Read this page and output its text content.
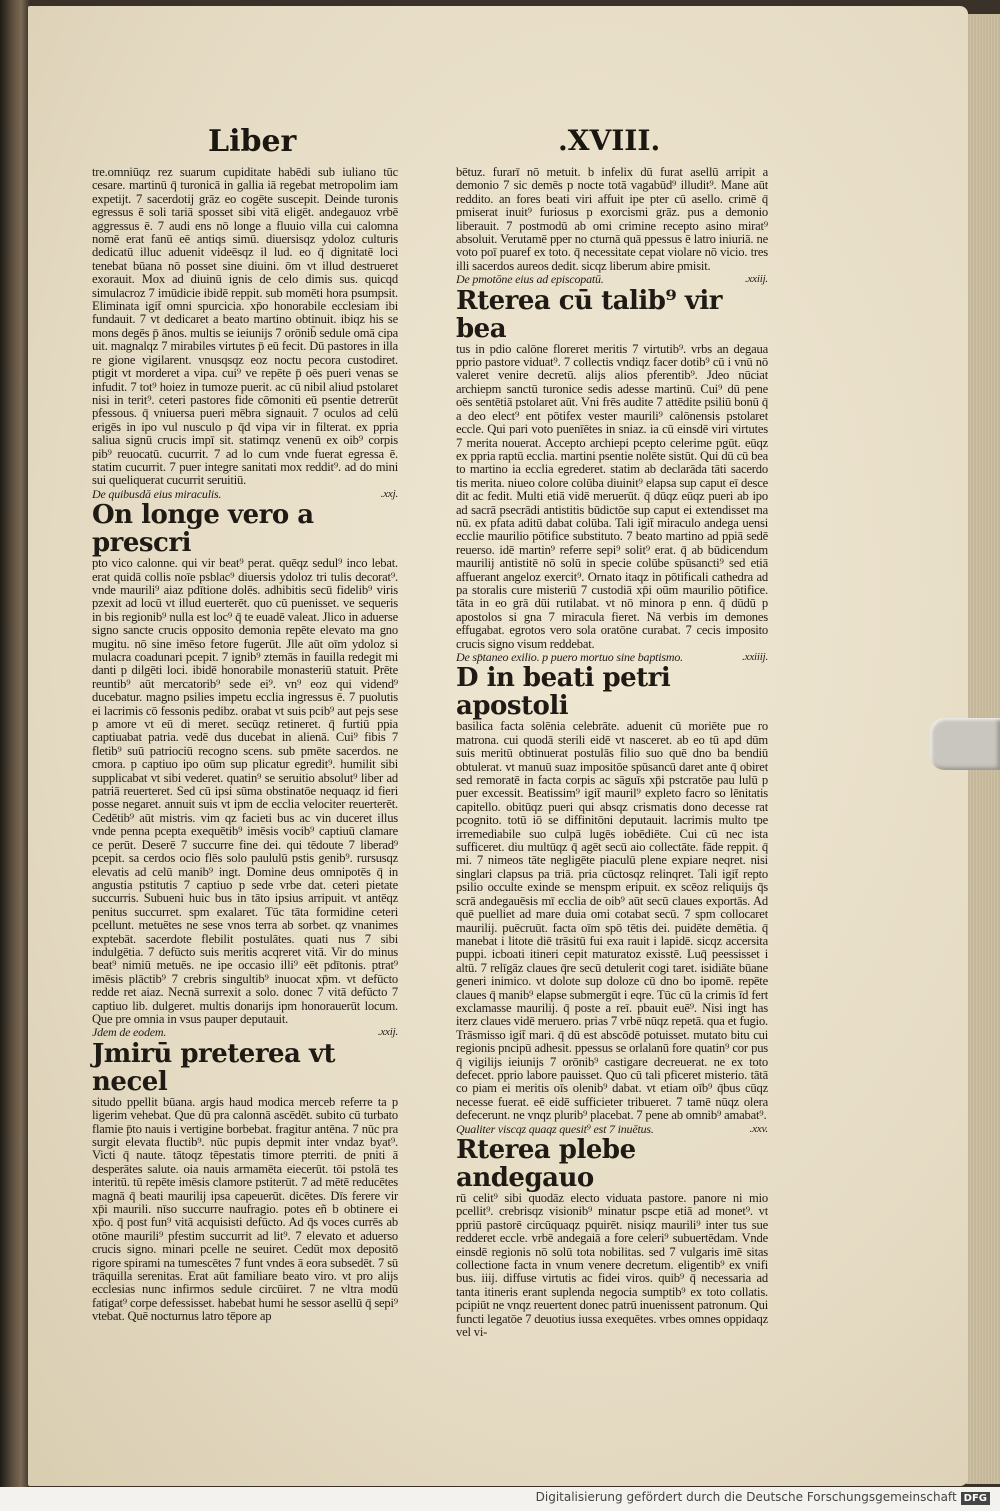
Liber	.XVIII.

tre.omniūqz rez suarum cupiditate habēdi sub iuliano tūc cesare. martinū q̄ turonicā in gallia iā regebat metropolim iam expetijt. 7 sacerdotij grāz eo cogēte suscepit. Deinde turonis egressus ē soli tariā sposset sibi vitā eligēt. andegauoz vrbē aggressus ē. 7 audi ens nō longe a fluuio villa cui calomna nomē erat fanū eē antiqs simū. diuersisqz ydoloz culturis dedicatū illuc aduenit videēsqz il lud. eo q̄ dignitatē loci tenebat būana nō posset sine diuini. ōm vt illud destrueret exorauit. Mox ad diuinū ignis de celo dimis sus. quicqd simulacroz 7 imūdicie ibidē reppit. sub momēti hora psumpsit. Eliminata igit̄ omni spurcicia. xp̄o honorabile ecclesiam ibi fundauit. 7 vt dedicaret a beato martino obtinuit. ibiqz his se mons degēs p̄ ānos. multis se ieiunijs 7 orōnib̄ sedule omā cipa uit. magnalqz 7 mirabiles virtutes p̄ eū fecit. Dū pastores in illa re gione vigilarent. vnusqsqz eoz noctu pecora custodiret. ptigit vt morderet a vipa. cui⁹ ve repēte p̄ oēs pueri venas se infudit. 7 tot⁹ hoiez in tumoze puerit. ac cū nibil aliud pstolaret nisi in terit⁹. ceteri pastores fide cōmoniti eū psentie detrerūt pfessous. q̄ vniuersa pueri mēbra signauit. 7 oculos ad celū erigēs in ipo vul nusculo p q̄d vipa vir in filterat. ex ppria saliua signū crucis impī sit. statimqz venenū ex oib⁹ corpis pib⁹ reuocatū. cucurrit. 7 ad lo cum vnde fuerat egressa ē. statim cucurrit. 7 puer integre sanitati mox reddit⁹. ad do mini sui queliquerat cucurrit seruitiū.

De quibusdā eius miraculis.	.xxj.

On longe vero a prescri

pto vico calonne. qui vir beat⁹ perat. quēqz sedul⁹ inco lebat. erat quidā collis noīe psblac⁹ diuersis ydoloz tri tulis decorat⁹. vnde maurili⁹ aiaz pdītione dolēs. adhibitis secū fidelib⁹ viris pzexit ad locū vt illud euerterēt. quo cū puenisset. ve sequeris in bis regionib⁹ nulla est loc⁹ q̄ te euadē valeat. Jlico in aduerse signo sancte crucis opposito demonia repēte elevato ma gno mugitu. nō sine imēso fetore fugerūt. Jlle aūt oīm ydoloz si mulacra coadunari pcepit. 7 ignib⁹ ztemās in fauilla redegit mi danti p dilgēti loci. ibidē honorabile monasteriū statuit. Prēte reuntib⁹ aūt mercatorib⁹ sede ei⁹. vn⁹ eoz qui vidend⁹ ducebatur. magno psilies impetu ecclia ingressus ē. 7 puolutis ei lacrimis cō fessonis pedibz. orabat vt suis pcib⁹ aut pejs sese p amore vt eū di meret. secūqz retineret. q̄ furtiū ppia captiuabat patria. vedē dus ducebat in alienā. Cui⁹ fibis 7 fletib⁹ suū patriociū recogno scens. sub pmēte sacerdos. ne cmora. p captiuo ipo oūm sup plicatur egredit⁹. humilit sibi supplicabat vt sibi vederet. quatin⁹ se seruitio absolut⁹ liber ad patriā reuerteret. Sed cū ipsi sūma obstinatōe nequaqz id fieri posse negaret. annuit suis vt ipm de ecclia velociter reuerterēt. Cedētib⁹ aūt mistris. vim qz facieti bus ac vin duceret illus vnde penna pcepta exequētib⁹ imēsis vocib⁹ captiuū clamare ce perūt. Deserē 7 succurre fine dei. qui tēdoute 7 liberad⁹ pcepit. sa cerdos ocio flēs solo paululū pstis genib⁹. rursusqz elevatis ad celū manib⁹ ingt. Domine deus omnipotēs q̄ in angustia pstitutis 7 captiuo p sede vrbe dat. ceteri pietate succurris. Subueni huic bus in tāto ipsius arripuit. vt antēqz penitus succurret. spm exalaret. Tūc tāta formidine ceteri pcellunt. metuētes ne sese vnos terra ab sorbet. qz vnanimes exptebāt. sacerdote flebilit postulātes. quati nus 7 sibi indulgētia. 7 defūcto suis meritis acqreret vitā. Vir do minus beat⁹ nimiū metuēs. ne ipe occasio illi⁹ eēt pdītonis. ptrat⁹ imēsis plāctib⁹ 7 crebris singultib⁹ inuocat xp̄m. vt defūcto redde ret aiaz. Necnā surrexit a solo. donec 7 vitā defūcto 7 captiuo lib. dulgeret. multis donarijs ipm honorauerūt locum. Que pre omnia in vsus pauper deputauit.

Jdem de eodem.	.xxij.

Jmirū preterea vt necel

situdo ppellit būana. argis haud modica merceb referre ta p ligerim vehebat. Que dū pra calonnā ascēdēt. subito cū turbato flamie p̄to nauis i vertigine borbebat. fragitur antēna. 7 nūc pra surgit elevata fluctib⁹. nūc pupis depmit inter vndaz byat⁹. Victi q̄ naute. tātoqz tēpestatis timore pterriti. de pniti ā desperātes salute. oia nauis armamēta eiecerūt. tōi pstolā tes interitū. tū repēte imēsis clamore pstiterūt. 7 ad mētē reducētes magnā q̄ beati maurilij ipsa capeuerūt. dicētes. Dīs ferere vir xp̄i maurili. nīso succurre naufragio. potes eñ b obtinere ei xp̄o. q̄ post fun⁹ vitā acquisisti defūcto. Ad q̄s voces currēs ab otōne maurili⁹ pfestim succurrit ad lit⁹. 7 elevato et aduerso crucis signo. minari pcelle ne seuiret. Cedūt mox depositō rigore spirami na tumescētes 7 funt vndes ā eora subsedēt. 7 sū trāquilla serenitas. Erat aūt familiare beato viro. vt pro alijs ecclesias nunc infirmos sedule circūiret. 7 ne vltra modū fatigat⁹ corpe defessisset. habebat humi he sessor asellū q̄ sepi⁹ vtebat. Quē nocturnus latro tēpore ap

bētuz. furarī nō metuit. b infelix dū furat asellū arripit a demonio 7 sic demēs p nocte totā vagabūd⁹ illudit⁹. Mane aūt reddito. an fores beati viri affuit ipe pter cū asello. crimē q̄ pmiserat inuit⁹ furiosus p exorcismi grāz. pus a demonio liberauit. 7 postmodū ab omi crimine recepto asino mirat⁹ absoluit. Verutamē pper no cturnā quā ppessus ē latro iniuriā. ne voto poī puaref ex toto. q̄ necessitate cepat violare nō vicio. tres illi sacerdos aureos dedit. sicqz liberum abire pmisit.

De pmotōne eius ad episcopatū.	.xxiij.

Rterea cū talib⁹ vir bea

tus in pdio calōne floreret meritis 7 virtutib⁹. vrbs an degaua pprio pastore viduat⁹. 7 collectis vndiqz facer dotib⁹ cū i vnū nō valeret venire decretū. alijs alios pferentib⁹. Jdeo nūciat archiepm sanctū turonice sedis adesse martinū. Cui⁹ dū pene oēs sentētiā pstolaret aūt. Vni frēs audite 7 attēdite psiliū bonū q̄ a deo elect⁹ ent pōtifex vester maurili⁹ calōnensis pstolaret eccle. Qui pari voto puenīētes in sniaz. ia cū einsdē viri virtutes 7 merita nouerat. Accepto archiepi pcepto celerime pgūt. eūqz ex ppria raptū ecclia. martini psentie nolēte sistūt. Qui dū cū bea to martino ia ecclia egrederet. statim ab declarāda tāti sacerdo tis merita. niueo colore colūba diuinit⁹ elapsa sup caput eī desce dit ac fedit. Multi etiā vidē meruerūt. q̄ dūqz eūqz pueri ab ipo ad sacrā psecrādi antistitis būdictōe sup caput ei extendisset ma nū. ex pfata aditū dabat colūba. Tali igit̄ miraculo andega uensi ecclie maurilio pōtifice substituto. 7 beato martino ad ppiā sedē reuerso. idē martin⁹ referre sepi⁹ solit⁹ erat. q̄ ab būdicendum maurilij antistitē nō solū in specie colūbe spūsancti⁹ sed etiā affuerant angeloz exercit⁹. Ornato itaqz in pōtificali cathedra ad pa storalis cure misteriū 7 custodiā xp̄i oūm maurilio pōtifice. tāta in eo grā dūi rutilabat. vt nō minora p enn. q̄ dūdū p apostolos si gna 7 miracula fieret. Nā verbis im demones effugabat. egrotos vero sola oratōne curabat. 7 cecis imposito crucis signo visum reddebat.

De sp̄taneo exilio. p puero mortuo sine baptismo.	.xxiiij.

D in beati petri apostoli

basilica facta solēnia celebrāte. aduenit cū moriēte pue ro matrona. cui quodā sterili eidē vt nasceret. ab eo tū apd dūm suis meritū obtinuerat postulās filio suo quē dno ba bendiū obtulerat. vt manuū suaz impositōe spūsancū daret ante q̄ obiret sed remoratē in facta corpis ac sāguīs xp̄i pstcratōe pau lulū p puer excessit. Beatissim⁹ igit̄ mauril⁹ expleto facro so lēnitatis capitello. obitūqz pueri qui absqz crismatis dono decesse rat pcognito. totū iō se diffinitōni deputauit. lacrimis multo tpe irremediabile suo culpā lugēs iobēdiēte. Cui cū nec ista sufficeret. diu multūqz q̄ agēt secū aio collectāte. fāde reppit. q̄ mi. 7 nimeos tāte negligēte piaculū plene expiare neqret. nisi singlari clapsus pa triā. pria cūctosqz relinqret. Tali igit̄ repto psilio occulte exinde se menspm eripuit. ex scēoz reliquijs q̄s scrā andegauēsis mī ecclia de oib⁹ aūt secū claues exportās. Ad quē puelliet ad mare duia omi cotabat secū. 7 spm collocaret maurilij. puēcruūt. facta oīm spō tētis dei. puidēte demētia. q̄ manebat i litote diē trāsitū fui exa rauit i lapidē. sicqz accersita puppi. icboati itineri cepit maturatoz exisstē. Luq̄ peessisset i altū. 7 relīgāz claues q̄re secū detulerit cogi taret. isidiāte būane generi inimico. vt dolote sup doloze cū dno bo ipomē. repēte claues q̄ manib⁹ elapse submergūt i eqre. Tūc cū la crimis īd fert exclamasse maurilij. q̄ poste a reī. pbauit euē⁹. Nisi ingt has iterz claues vidē meruero. prias 7 vrbē nūqz repetā. qua et fugio. Trāsmisso igit̄ mari. q̄ dū est abscōdē potuisset. mutato bitu cui regionis pncipū adhesit. ppessus se orlalanū fore quatin⁹ cor pus q̄ vigilijs ieiunijs 7 orōnib⁹ castigare decreuerat. ne ex toto defecet. pprio labore pauisset. Quo cū tali pficeret misterio. tātā co piam ei meritis oīs olenib⁹ dabat. vt etiam oīb⁹ q̄bus cūqz necesse fuerat. eē eidē sufficieter tribueret. 7 tamē nūqz olera defecerunt. ne vnqz plurib⁹ placebat. 7 pene ab omnib⁹ amabat⁹.

Qualiter viscqz quaqz quesit⁹ est 7 inuētus.	.xxv.

Rterea plebe andegauo

rū celit⁹ sibi quodāz electo viduata pastore. panore ni mio pcellit⁹. crebrisqz visionib⁹ minatur pscpe etiā ad monet⁹. vt ppriū pastorē circūquaqz pquirēt. nisiqz maurili⁹ inter tus sue redderet eccle. vrbē andegaiā a fore celeri⁹ subuertēdam. Vnde einsdē regionis nō solū tota nobilitas. sed 7 vulgaris imē sitas collectione facta in vnum venere decretum. eligentib⁹ ex vnifi bus. iiij. diffuse virtutis ac fidei viros. quib⁹ q̄ necessaria ad tanta itineris erant suplenda negocia sumptib⁹ ex toto collatis. pcipiūt ne vnqz reuertent donec patrū inuenissent patronum. Qui functi legatōe 7 deuotius iussa exequētes. vrbes omnes oppidaqz vel vi-

Digitalisierung gefördert durch die Deutsche Forschungsgemeinschaft DFG
